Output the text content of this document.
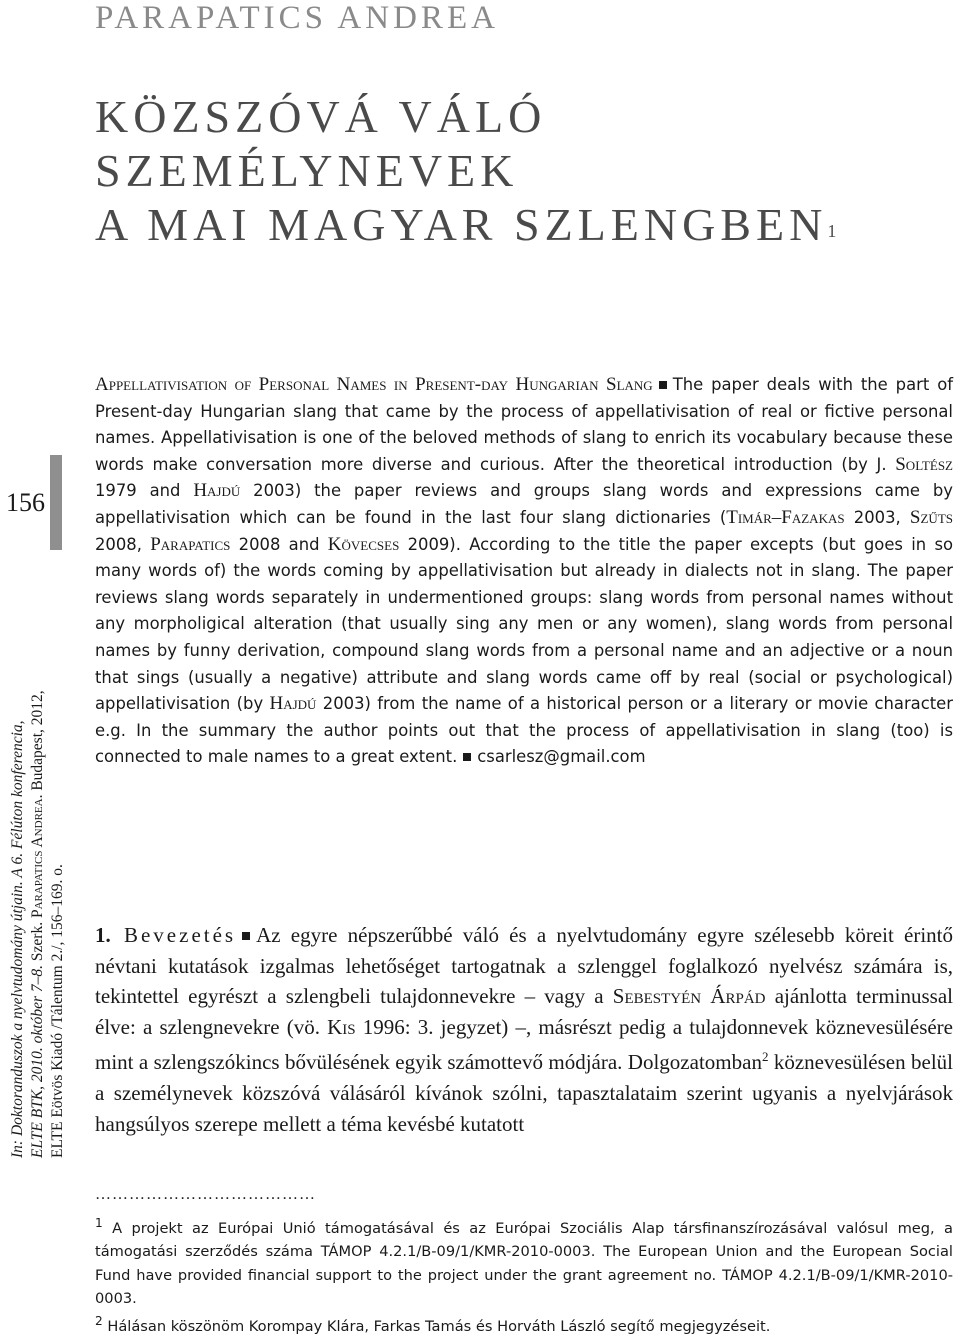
PARAPATICS ANDREA
KÖZSZÓVÁ VÁLÓ SZEMÉLYNEVEK
A MAI MAGYAR SZLENGBEN$^1$
156
In: Doktoranduszok a nyelvtudomány útjain. A 6. Félúton konferencia, ELTE BTK, 2010. október 7–8. Szerk. Parapatics Andrea. Budapest, 2012,
ELTE Eötvös Kiadó /Tálentum 2./, 156–169. o.
Appellativisation of Personal Names in Present-day Hungarian Slang The paper deals with the part of Present-day Hungarian slang that came by the process of appellativisation of real or fictive personal names. Appellativisation is one of the beloved methods of slang to enrich its vocabulary because these words make conversation more diverse and curious. After the theoretical introduction (by J. Soltész 1979 and Hajdú 2003) the paper reviews and groups slang words and expressions came by appellativisation which can be found in the last four slang dictionaries (Timár–Fazakas 2003, Szűts 2008, Parapatics 2008 and Kövecses 2009). According to the title the paper excepts (but goes in so many words of) the words coming by appellativisation but already in dialects not in slang. The paper reviews slang words separately in undermentioned groups: slang words from personal names without any morpholigical alteration (that usually sing any men or any women), slang words from personal names by funny derivation, compound slang words from a personal name and an adjective or a noun that sings (usually a negative) attribute and slang words came off by real (social or psychological) appellativisation (by Hajdú 2003) from the name of a historical person or a literary or movie character e.g. In the summary the author points out that the process of appellativisation in slang (too) is connected to male names to a great extent. csarlesz@gmail.com
1. Bevezetés Az egyre népszerűbbé váló és a nyelvtudomány egyre szélesebb köreit érintő névtani kutatások izgalmas lehetőséget tartogatnak a szlenggel foglalkozó nyelvész számára is, tekintettel egyrészt a szlengbeli tulajdonnevekre – vagy a Sebestyén Árpád ajánlotta terminussal élve: a szlengnevekre (vö. Kis 1996: 3. jegyzet) –, másrészt pedig a tulajdonnevek köznevesülésére mint a szlengszókincs bővülésének egyik számottevő módjára. Dolgozatomban$^2$ köznevesülésen belül a személynevek közszóvá válásáról kívánok szólni, tapasztalataim szerint ugyanis a nyelvjárások hangsúlyos szerepe mellett a téma kevésbé kutatott
…………………………………

$^1$ A projekt az Európai Unió támogatásával és az Európai Szociális Alap társfinanszírozásával valósul meg, a támogatási szerződés száma TÁMOP 4.2.1/B-09/1/KMR-2010-0003. The European Union and the European Social Fund have provided financial support to the project under the grant agreement no. TÁMOP 4.2.1/B-09/1/KMR-2010-0003.

$^2$ Hálásan köszönöm Korompay Klára, Farkas Tamás és Horváth László segítő megjegyzéseit.
